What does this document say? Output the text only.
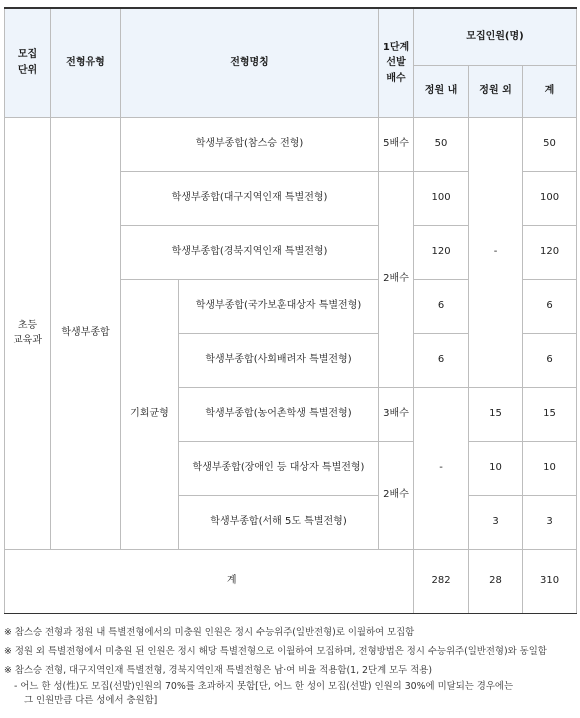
모집
단위	전형유형	전형명칭		1단계
선발
배수	모집인원(명)		
					정원 내	정원 외	계

초등
교육과	학생부종합	학생부종합(참스승 전형)		5배수	50	-	50
		학생부종합(대구지역인재 특별전형)		2배수	100		100
		학생부종합(경북지역인재 특별전형)			120		120
		기회균형	학생부종합(국가보훈대상자 특별전형)		6		6
			학생부종합(사회배려자 특별전형)		6		6
			학생부종합(농어촌학생 특별전형)	3배수	-	15	15
			학생부종합(장애인 등 대상자 특별전형)	2배수		10	10
			학생부종합(서해 5도 특별전형)			3	3
	계				282	28	310

※ 참스승 전형과 정원 내 특별전형에서의 미충원 인원은 정시 수능위주(일반전형)로 이월하여 모집함

※ 정원 외 특별전형에서 미충원 된 인원은 정시 해당 특별전형으로 이월하여 모집하며, 전형방법은 정시 수능위주(일반전형)와 동일함

※ 참스승 전형, 대구지역인재 특별전형, 경북지역인재 특별전형은 남·여 비율 적용함(1, 2단계 모두 적용)

- 어느 한 성(性)도 모집(선발)인원의 70%를 초과하지 못함[단, 어느 한 성이 모집(선발) 인원의 30%에 미달되는 경우에는

그 인원만큼 다른 성에서 충원함]
